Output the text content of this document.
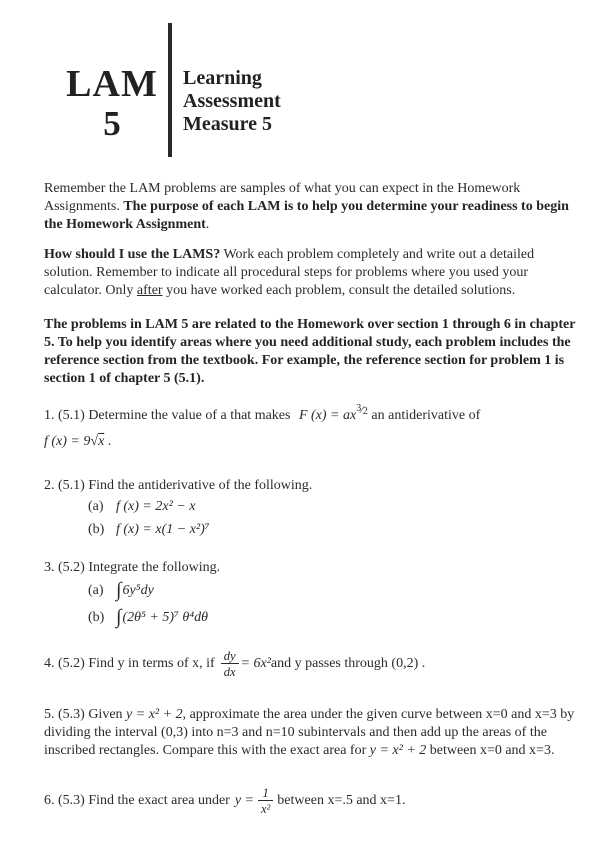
LAM
5
Learning
Assessment
Measure 5

Remember the LAM problems are samples of what you can expect in the Homework Assignments. The purpose of each LAM is to help you determine your readiness to begin the Homework Assignment.

How should I use the LAMS? Work each problem completely and write out a detailed solution. Remember to indicate all procedural steps for problems where you used your calculator. Only after you have worked each problem, consult the detailed solutions.

The problems in LAM 5 are related to the Homework over section 1 through 6 in chapter 5. To help you identify areas where you need additional study, each problem includes the reference section from the textbook. For example, the reference section for problem 1 is section 1 of chapter 5 (5.1).

1. (5.1) Determine the value of a that makes F (x) = ax3⁄2 an antiderivative of
f (x) = 9√x .
2. (5.1) Find the antiderivative of the following.
(a) f (x) = 2x² − x
(b) f (x) = x(1 − x²)⁷
3. (5.2) Integrate the following.
(a) ∫6y⁵dy
(b) ∫(2θ⁵ + 5)⁷ θ⁴dθ
4. (5.2) Find y in terms of x, if $\frac{dy}{dx} = 6x^2$ and y passes through (0,2) .

5. (5.3) Given y = x² + 2, approximate the area under the given curve between x=0 and x=3 by dividing the interval (0,3) into n=3 and n=10 subintervals and then add up the areas of the inscribed rectangles. Compare this with the exact area for y = x² + 2 between x=0 and x=3.

6. (5.3) Find the exact area under $y = \frac{1}{\text{x²}}$ between x=.5 and x=1.
